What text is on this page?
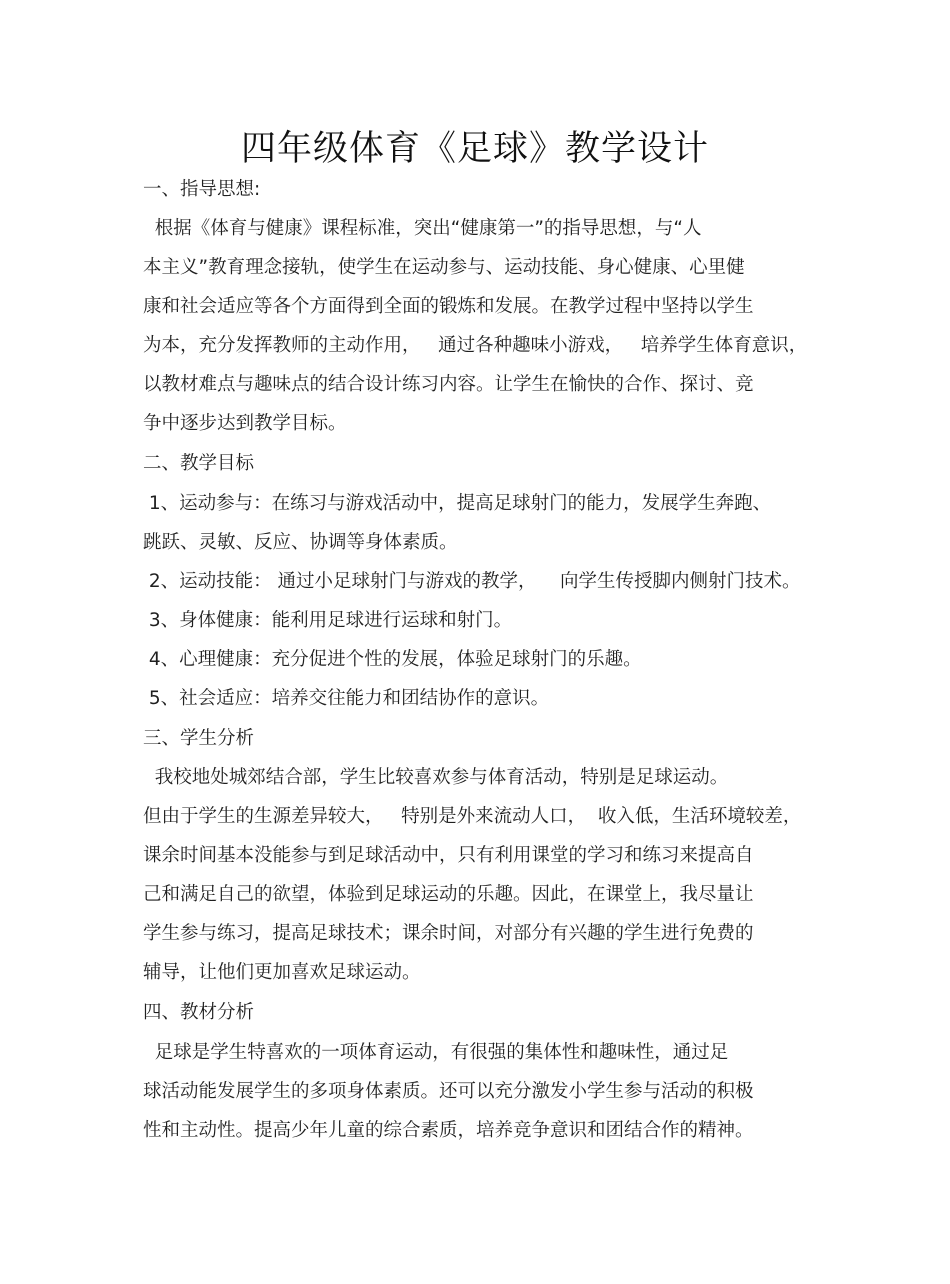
四年级体育《足球》教学设计
一、指导思想:
根据《体育与健康》课程标准，突出“健康第一”的指导思想，与“人
本主义”教育理念接轨，使学生在运动参与、运动技能、身心健康、心里健
康和社会适应等各个方面得到全面的锻炼和发展。在教学过程中坚持以学生
为本，充分发挥教师的主动作用，   通过各种趣味小游戏，   培养学生体育意识，
以教材难点与趣味点的结合设计练习内容。让学生在愉快的合作、探讨、竞
争中逐步达到教学目标。
二、教学目标
1、运动参与：在练习与游戏活动中，提高足球射门的能力，发展学生奔跑、
跳跃、灵敏、反应、协调等身体素质。
2、运动技能： 通过小足球射门与游戏的教学，    向学生传授脚内侧射门技术。
3、身体健康：能利用足球进行运球和射门。
4、心理健康：充分促进个性的发展，体验足球射门的乐趣。
5、社会适应：培养交往能力和团结协作的意识。
三、学生分析
我校地处城郊结合部，学生比较喜欢参与体育活动，特别是足球运动。
但由于学生的生源差异较大，   特别是外来流动人口，  收入低，生活环境较差，
课余时间基本没能参与到足球活动中，只有利用课堂的学习和练习来提高自
己和满足自己的欲望，体验到足球运动的乐趣。因此，在课堂上，我尽量让
学生参与练习，提高足球技术；课余时间，对部分有兴趣的学生进行免费的
辅导，让他们更加喜欢足球运动。
四、教材分析
足球是学生特喜欢的一项体育运动，有很强的集体性和趣味性，通过足
球活动能发展学生的多项身体素质。还可以充分激发小学生参与活动的积极
性和主动性。提高少年儿童的综合素质，培养竞争意识和团结合作的精神。
